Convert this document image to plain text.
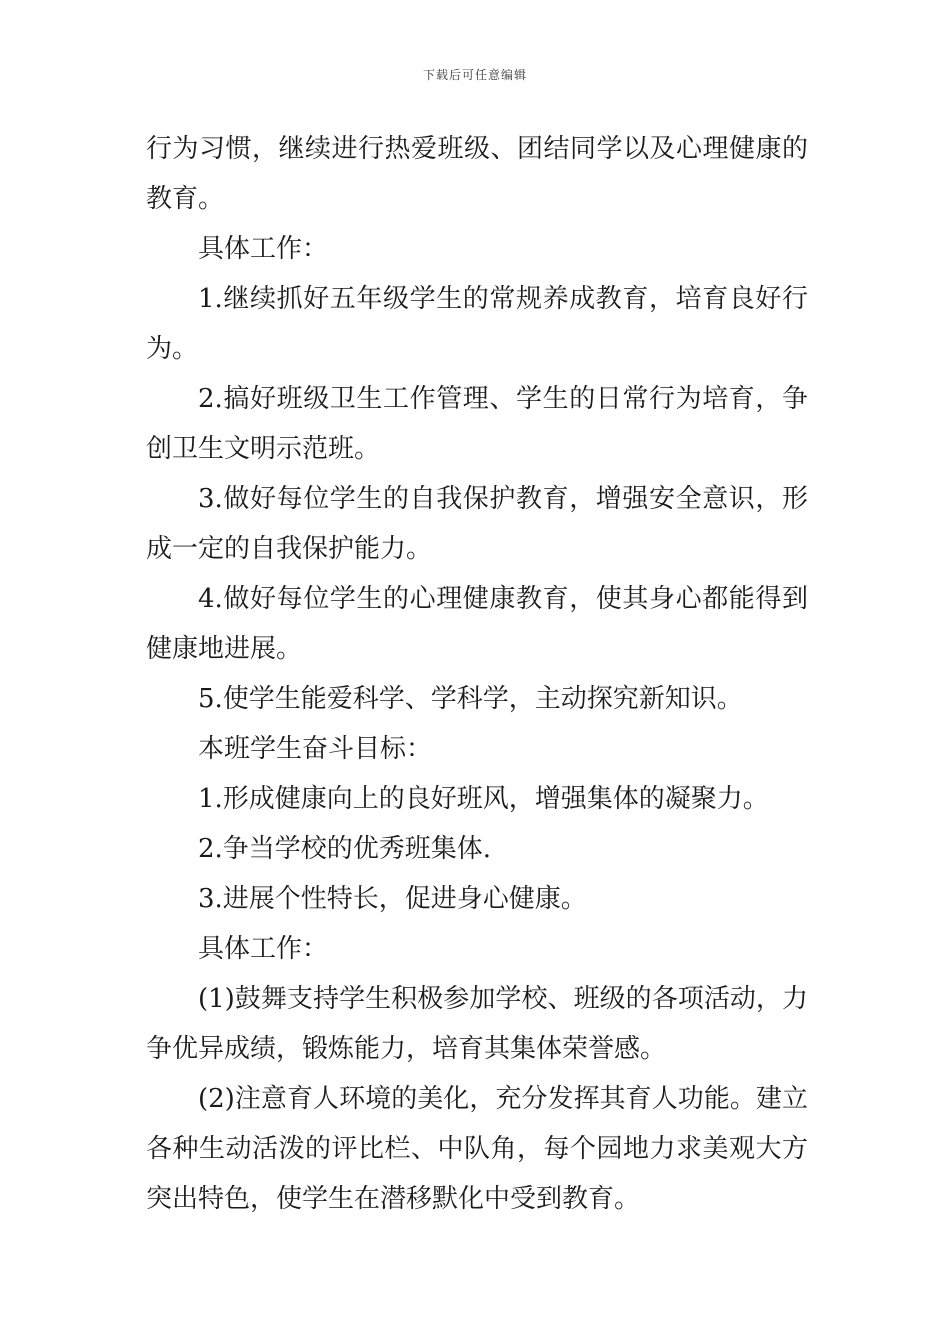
下载后可任意编辑

行为习惯，继续进行热爱班级、团结同学以及心理健康的教育。

具体工作：

1.继续抓好五年级学生的常规养成教育，培育良好行为。

2.搞好班级卫生工作管理、学生的日常行为培育，争创卫生文明示范班。

3.做好每位学生的自我保护教育，增强安全意识，形成一定的自我保护能力。

4.做好每位学生的心理健康教育，使其身心都能得到健康地进展。

5.使学生能爱科学、学科学，主动探究新知识。

本班学生奋斗目标：

1.形成健康向上的良好班风，增强集体的凝聚力。

2.争当学校的优秀班集体.

3.进展个性特长，促进身心健康。

具体工作：

(1)鼓舞支持学生积极参加学校、班级的各项活动，力争优异成绩，锻炼能力，培育其集体荣誉感。

(2)注意育人环境的美化，充分发挥其育人功能。建立各种生动活泼的评比栏、中队角，每个园地力求美观大方突出特色，使学生在潜移默化中受到教育。
